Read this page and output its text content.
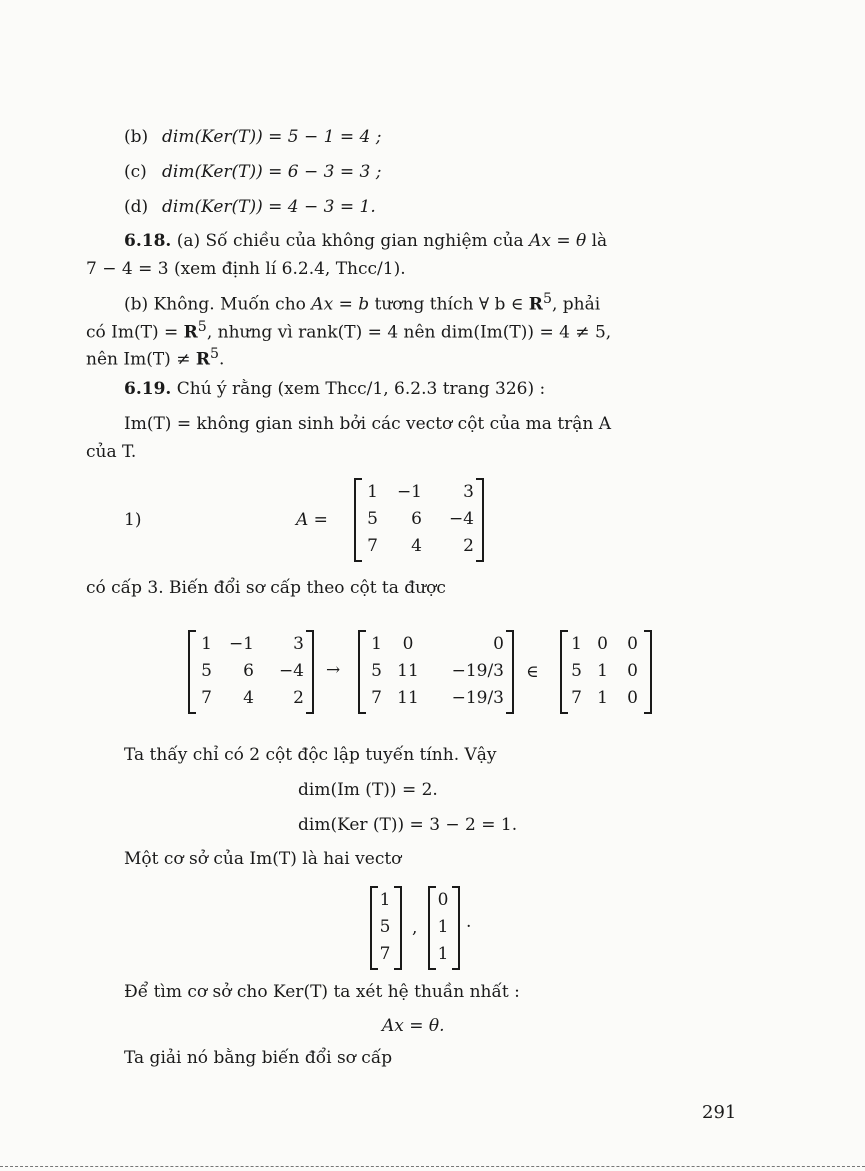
(b) dim(Ker(T)) = 5 − 1 = 4 ;
(c) dim(Ker(T)) = 6 − 3 = 3 ;
(d) dim(Ker(T)) = 4 − 3 = 1.
6.18. (a) Số chiều của không gian nghiệm của Ax = θ là
7 − 4 = 3 (xem định lí 6.2.4, Thcc/1).
(b) Không. Muốn cho Ax = b tương thích ∀ b ∈ $R^5$, phải
có $Im(T) = R^5$, nhưng vì rank(T) = 4 nên dim(Im(T)) = 4 ≠ 5,
nên $Im(T) \ne R^5$.
6.19. Chú ý rằng (xem Thcc/1, 6.2.3 trang 326) :
Im(T) = không gian sinh bởi các vectơ cột của ma trận A
của T.
1)	A =
1	−1	3
5	6	−4
7	4	2
có cấp 3. Biến đổi sơ cấp theo cột ta được
1 −1	3
5	6	−4
7	4	2
→
1	0	0
5 11	−19/3
7 11	−19/3
∈
1 0	0
5 1	0
7 1	0
Ta thấy chỉ có 2 cột độc lập tuyến tính. Vậy
dim(Im (T)) = 2.
dim(Ker (T)) = 3 − 2 = 1.
Một cơ sở của Im(T) là hai vectơ
1
5
7
,
0
1
1
.
Để tìm cơ sở cho Ker(T) ta xét hệ thuần nhất :
Ax = θ.
Ta giải nó bằng biến đổi sơ cấp
291
